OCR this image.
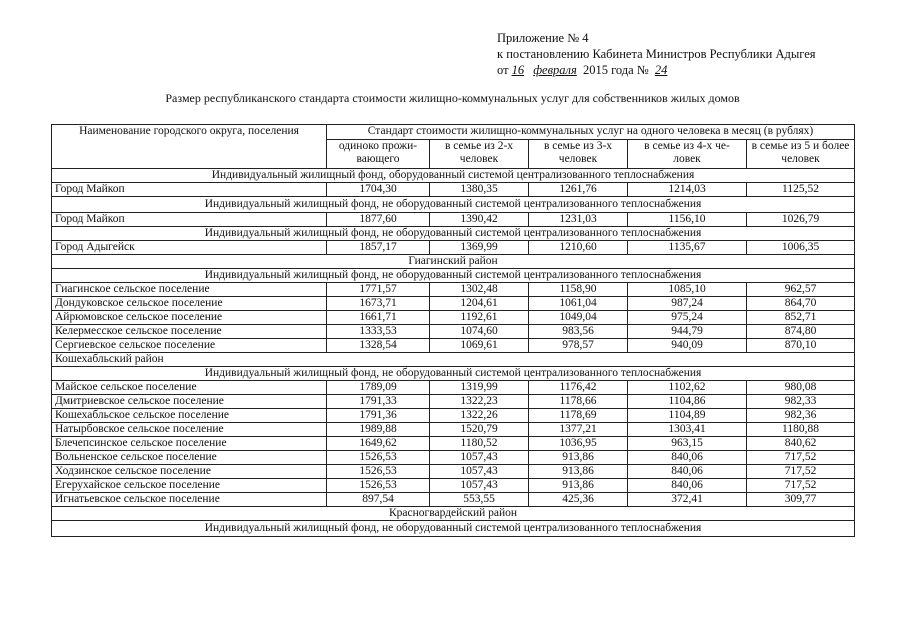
Приложение № 4
к постановлению Кабинета Министров Республики Адыгея
от 16 февраля 2015 года № 24
Размер республиканского стандарта стоимости жилищно-коммунальных услуг для собственников жилых домов
Наименование городского округа, поселения	Стандарт стоимости жилищно-коммунальных услуг на одного человека в месяц (в рублях)				
	одиноко прожи-вающего	в семье из 2-х человек	в семье из 3-х человек	в семье из 4-х че-ловек	в семье из 5 и более человек
Индивидуальный жилищный фонд, оборудованный системой централизованного теплоснабжения					
Город Майкоп	1704,30	1380,35	1261,76	1214,03	1125,52
Индивидуальный жилищный фонд, не оборудованный системой централизованного теплоснабжения					
Город Майкоп	1877,60	1390,42	1231,03	1156,10	1026,79
Индивидуальный жилищный фонд, не оборудованный системой централизованного теплоснабжения					
Город Адыгейск	1857,17	1369,99	1210,60	1135,67	1006,35
Гиагинский район					
Индивидуальный жилищный фонд, не оборудованный системой централизованного теплоснабжения					
Гиагинское сельское поселение	1771,57	1302,48	1158,90	1085,10	962,57
Дондуковское сельское поселение	1673,71	1204,61	1061,04	987,24	864,70
Айрюмовское сельское поселение	1661,71	1192,61	1049,04	975,24	852,71
Келермесское сельское поселение	1333,53	1074,60	983,56	944,79	874,80
Сергиевское сельское поселение	1328,54	1069,61	978,57	940,09	870,10
Кошехабльский район					
Индивидуальный жилищный фонд, не оборудованный системой централизованного теплоснабжения					
Майское сельское поселение	1789,09	1319,99	1176,42	1102,62	980,08
Дмитриевское сельское поселение	1791,33	1322,23	1178,66	1104,86	982,33
Кошехабльское сельское поселение	1791,36	1322,26	1178,69	1104,89	982,36
Натырбовское сельское поселение	1989,88	1520,79	1377,21	1303,41	1180,88
Блечепсинское сельское поселение	1649,62	1180,52	1036,95	963,15	840,62
Вольненское сельское поселение	1526,53	1057,43	913,86	840,06	717,52
Ходзинское сельское поселение	1526,53	1057,43	913,86	840,06	717,52
Егерухайское сельское поселение	1526,53	1057,43	913,86	840,06	717,52
Игнатьевское сельское поселение	897,54	553,55	425,36	372,41	309,77
Красногвардейский район					
Индивидуальный жилищный фонд, не оборудованный системой централизованного теплоснабжения					
